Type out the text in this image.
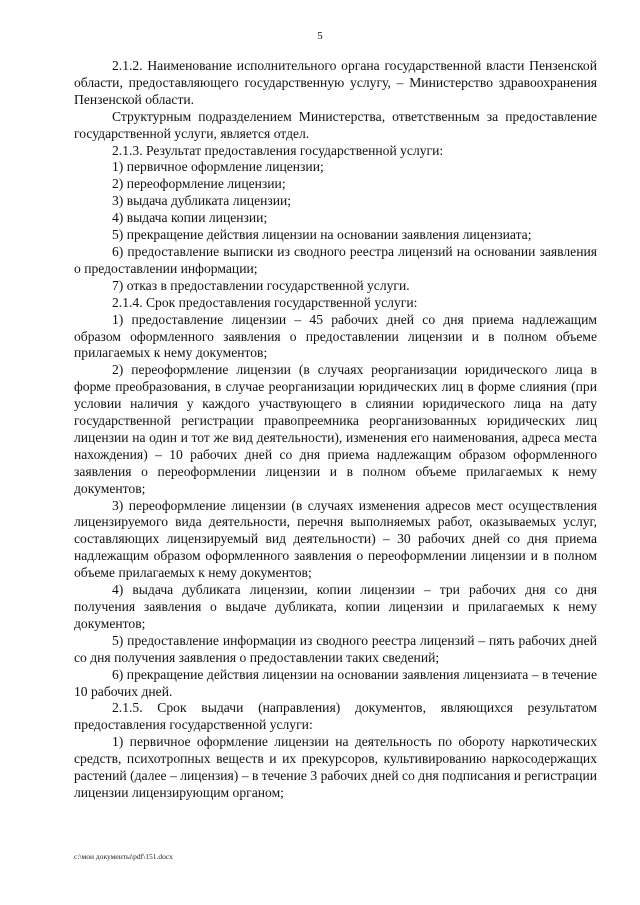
5

2.1.2. Наименование исполнительного органа государственной власти Пензенской области, предоставляющего государственную услугу, – Министерство здравоохранения Пензенской области.

Структурным подразделением Министерства, ответственным за предоставление государственной услуги, является отдел.

2.1.3. Результат предоставления государственной услуги:

1) первичное оформление лицензии;

2) переоформление лицензии;

3) выдача дубликата лицензии;

4) выдача копии лицензии;

5) прекращение действия лицензии на основании заявления лицензиата;

6) предоставление выписки из сводного реестра лицензий на основании заявления о предоставлении информации;

7) отказ в предоставлении государственной услуги.

2.1.4. Срок предоставления государственной услуги:

1) предоставление лицензии – 45 рабочих дней со дня приема надлежащим образом оформленного заявления о предоставлении лицензии и в полном объеме прилагаемых к нему документов;

2) переоформление лицензии (в случаях реорганизации юридического лица в форме преобразования, в случае реорганизации юридических лиц в форме слияния (при условии наличия у каждого участвующего в слиянии юридического лица на дату государственной регистрации правопреемника реорганизованных юридических лиц лицензии на один и тот же вид деятельности), изменения его наименования, адреса места нахождения) – 10 рабочих дней со дня приема надлежащим образом оформленного заявления о переоформлении лицензии и в полном объеме прилагаемых к нему документов;

3) переоформление лицензии (в случаях изменения адресов мест осуществления лицензируемого вида деятельности, перечня выполняемых работ, оказываемых услуг, составляющих лицензируемый вид деятельности) – 30 рабочих дней со дня приема надлежащим образом оформленного заявления о переоформлении лицензии и в полном объеме прилагаемых к нему документов;

4) выдача дубликата лицензии, копии лицензии – три рабочих дня со дня получения заявления о выдаче дубликата, копии лицензии и прилагаемых к нему документов;

5) предоставление информации из сводного реестра лицензий – пять рабочих дней со дня получения заявления о предоставлении таких сведений;

6) прекращение действия лицензии на основании заявления лицензиата – в течение 10 рабочих дней.

2.1.5. Срок выдачи (направления) документов, являющихся результатом предоставления государственной услуги:

1) первичное оформление лицензии на деятельность по обороту наркотических средств, психотропных веществ и их прекурсоров, культивированию наркосодержащих растений (далее – лицензия) – в течение 3 рабочих дней со дня подписания и регистрации лицензии лицензирующим органом;

c:\мои документы\pdf\151.docx
